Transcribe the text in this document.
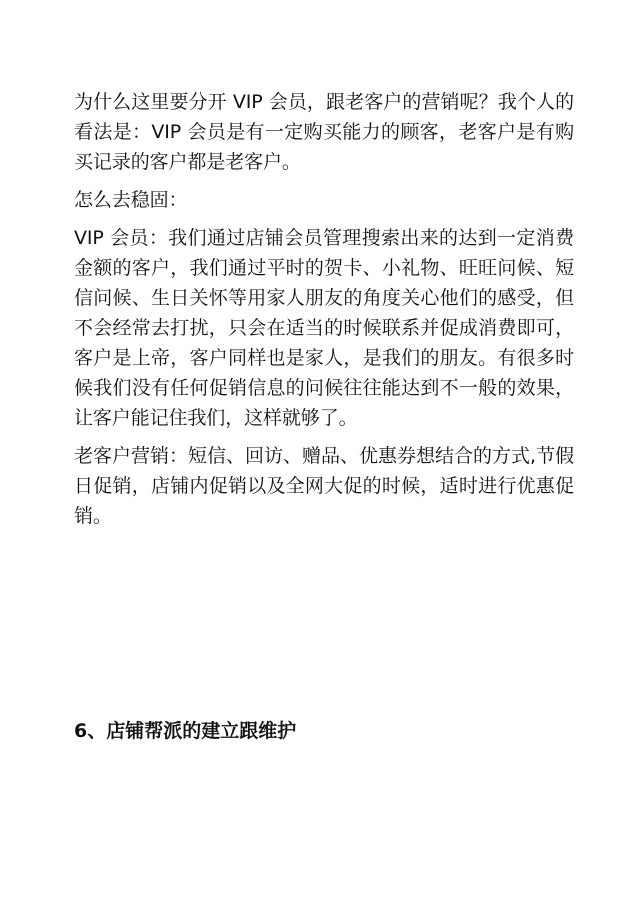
为什么这里要分开 VIP 会员，跟老客户的营销呢？我个人的看法是：VIP 会员是有一定购买能力的顾客，老客户是有购买记录的客户都是老客户。

怎么去稳固：

VIP 会员：我们通过店铺会员管理搜索出来的达到一定消费金额的客户，我们通过平时的贺卡、小礼物、旺旺问候、短信问候、生日关怀等用家人朋友的角度关心他们的感受，但不会经常去打扰，只会在适当的时候联系并促成消费即可，客户是上帝，客户同样也是家人，是我们的朋友。有很多时候我们没有任何促销信息的问候往往能达到不一般的效果，让客户能记住我们，这样就够了。

老客户营销：短信、回访、赠品、优惠券想结合的方式,节假日促销，店铺内促销以及全网大促的时候，适时进行优惠促销。

6、店铺帮派的建立跟维护
